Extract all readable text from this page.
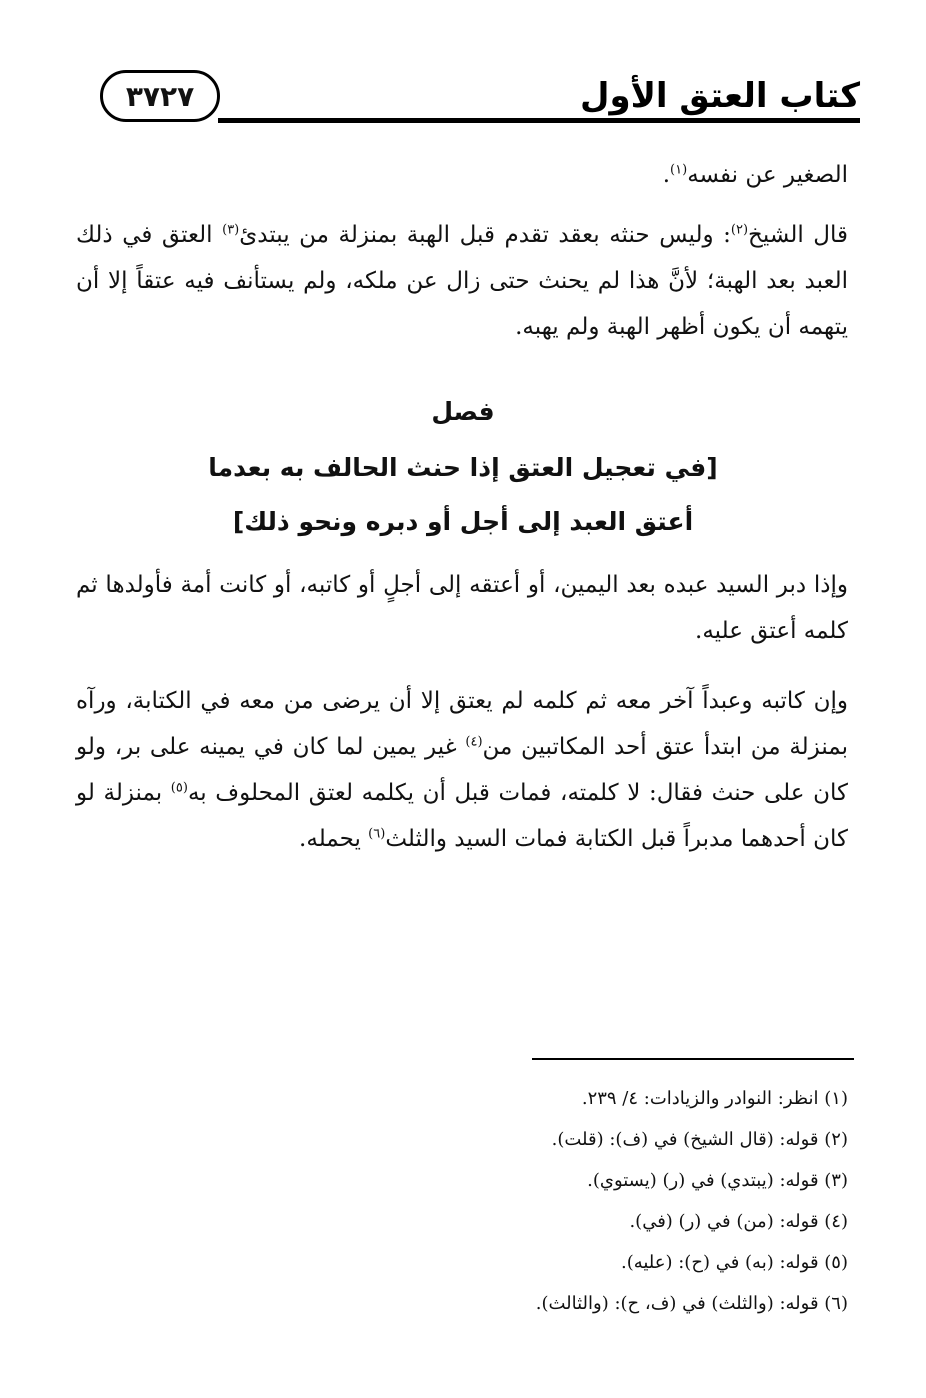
٣٧٢٧	كتاب العتق الأول
الصغير عن نفسه$^{(١)}$.
قال الشيخ$^{(٢)}$: وليس حنثه بعقد تقدم قبل الهبة بمنزلة من يبتدئ$^{(٣)}$ العتق في ذلك العبد بعد الهبة؛ لأنَّ هذا لم يحنث حتى زال عن ملكه، ولم يستأنف فيه عتقاً إلا أن يتهمه أن يكون أظهر الهبة ولم يهبه.
فصل
[في تعجيل العتق إذا حنث الحالف به بعدما
أعتق العبد إلى أجل أو دبره ونحو ذلك]
وإذا دبر السيد عبده بعد اليمين، أو أعتقه إلى أجلٍ أو كاتبه، أو كانت أمة فأولدها ثم كلمه أعتق عليه.
وإن كاتبه وعبداً آخر معه ثم كلمه لم يعتق إلا أن يرضى من معه في الكتابة، ورآه بمنزلة من ابتدأ عتق أحد المكاتبين من$^{(٤)}$ غير يمين لما كان في يمينه على بر، ولو كان على حنث فقال: لا كلمته، فمات قبل أن يكلمه لعتق المحلوف به$^{(٥)}$ بمنزلة لو كان أحدهما مدبراً قبل الكتابة فمات السيد والثلث$^{(٦)}$ يحمله.
(١) انظر: النوادر والزيادات: ٤/ ٢٣٩.
(٢) قوله: (قال الشيخ) في (ف): (قلت).
(٣) قوله: (يبتدي) في (ر) (يستوي).
(٤) قوله: (من) في (ر) (في).
(٥) قوله: (به) في (ح): (عليه).
(٦) قوله: (والثلث) في (ف، ح): (والثالث).
